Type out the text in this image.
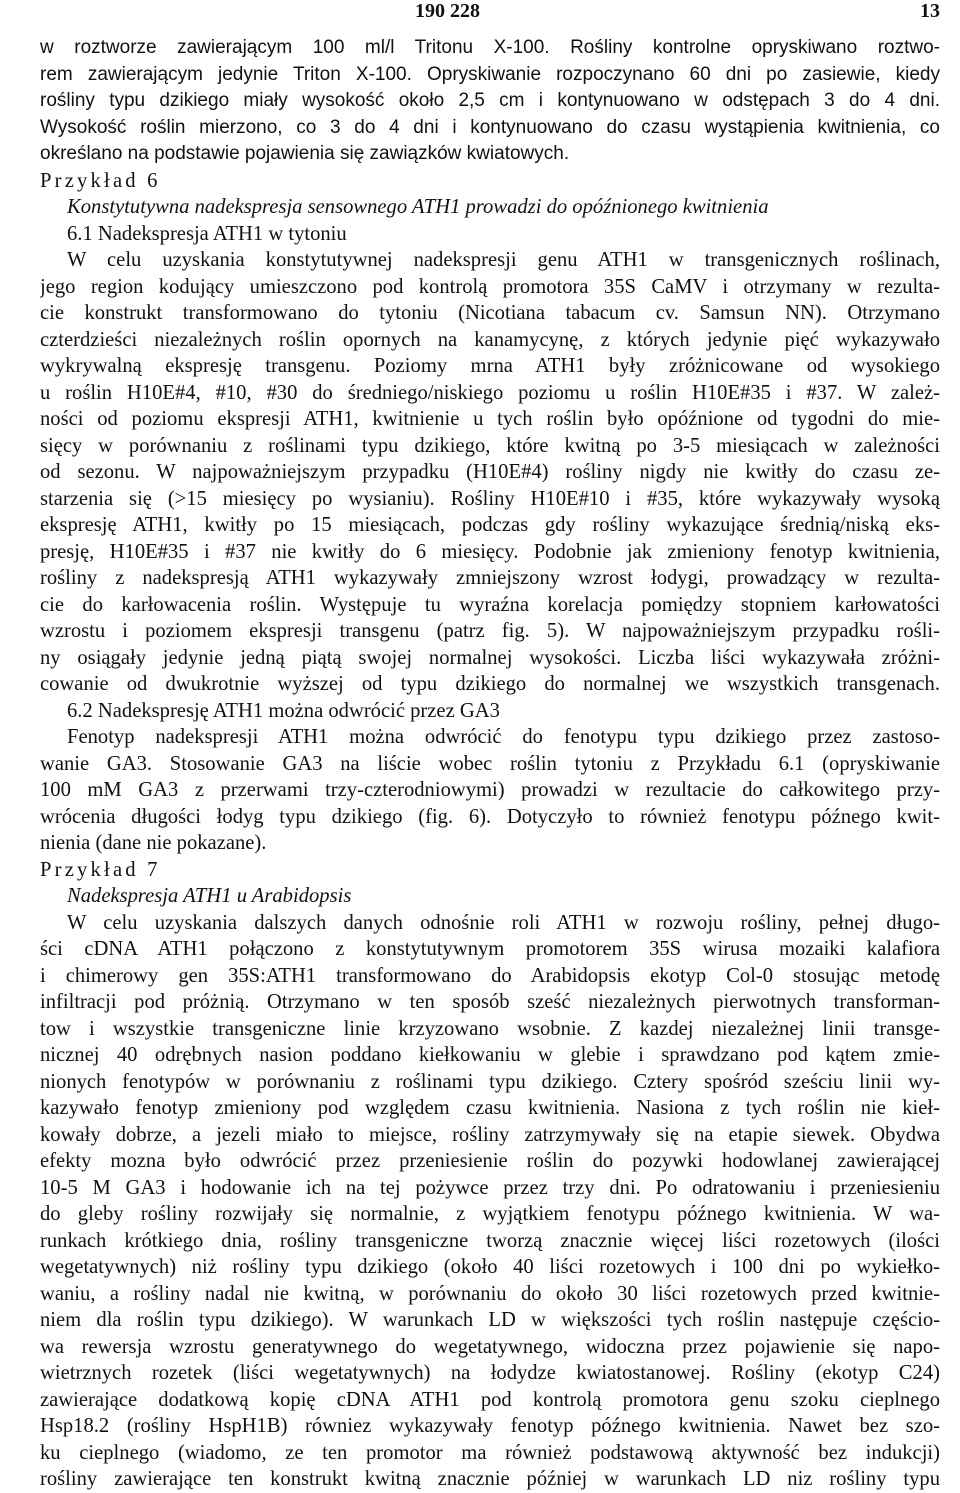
190 228	13
w roztworze zawierającym 100 ml/l Tritonu X-100. Rośliny kontrolne opryskiwano roztwo-
rem zawierającym jedynie Triton X-100. Opryskiwanie rozpoczynano 60 dni po zasiewie, kiedy
rośliny typu dzikiego miały wysokość około 2,5 cm i kontynuowano w odstępach 3 do 4 dni.
Wysokość roślin mierzono, co 3 do 4 dni i kontynuowano do czasu wystąpienia kwitnienia, co
określano na podstawie pojawienia się zawiązków kwiatowych.
Przykład 6
Konstytutywna nadekspresja sensownego ATH1 prowadzi do opóźnionego kwitnienia
6.1 Nadekspresja ATH1 w tytoniu
W celu uzyskania konstytutywnej nadekspresji genu ATH1 w transgenicznych roślinach,
jego region kodujący umieszczono pod kontrolą promotora 35S CaMV i otrzymany w rezulta-
cie konstrukt transformowano do tytoniu (Nicotiana tabacum cv. Samsun NN). Otrzymano
czterdzieści niezależnych roślin opornych na kanamycynę, z których jedynie pięć wykazywało
wykrywalną ekspresję transgenu. Poziomy mrna ATH1 były zróżnicowane od wysokiego
u roślin H10E#4, #10, #30 do średniego/niskiego poziomu u roślin H10E#35 i #37. W zależ-
ności od poziomu ekspresji ATH1, kwitnienie u tych roślin było opóźnione od tygodni do mie-
sięcy w porównaniu z roślinami typu dzikiego, które kwitną po 3-5 miesiącach w zależności
od sezonu. W najpoważniejszym przypadku (H10E#4) rośliny nigdy nie kwitły do czasu ze-
starzenia się (>15 miesięcy po wysianiu). Rośliny H10E#10 i #35, które wykazywały wysoką
ekspresję ATH1, kwitły po 15 miesiącach, podczas gdy rośliny wykazujące średnią/niską eks-
presję, H10E#35 i #37 nie kwitły do 6 miesięcy. Podobnie jak zmieniony fenotyp kwitnienia,
rośliny z nadekspresją ATH1 wykazywały zmniejszony wzrost łodygi, prowadzący w rezulta-
cie do karłowacenia roślin. Występuje tu wyraźna korelacja pomiędzy stopniem karłowatości
wzrostu i poziomem ekspresji transgenu (patrz fig. 5). W najpoważniejszym przypadku rośli-
ny osiągały jedynie jedną piątą swojej normalnej wysokości. Liczba liści wykazywała zróżni-
cowanie od dwukrotnie wyższej od typu dzikiego do normalnej we wszystkich transgenach.
6.2 Nadekspresję ATH1 można odwrócić przez GA3
Fenotyp nadekspresji ATH1 można odwrócić do fenotypu typu dzikiego przez zastoso-
wanie GA3. Stosowanie GA3 na liście wobec roślin tytoniu z Przykładu 6.1 (opryskiwanie
100 mM GA3 z przerwami trzy-czterodniowymi) prowadzi w rezultacie do całkowitego przy-
wrócenia długości łodyg typu dzikiego (fig. 6). Dotyczyło to również fenotypu późnego kwit-
nienia (dane nie pokazane).
Przykład 7
Nadekspresja ATH1 u Arabidopsis
W celu uzyskania dalszych danych odnośnie roli ATH1 w rozwoju rośliny, pełnej długo-
ści cDNA ATH1 połączono z konstytutywnym promotorem 35S wirusa mozaiki kalafiora
i chimerowy gen 35S:ATH1 transformowano do Arabidopsis ekotyp Col-0 stosując metodę
infiltracji pod próżnią. Otrzymano w ten sposób sześć niezależnych pierwotnych transforman-
tow i wszystkie transgeniczne linie krzyzowano wsobnie. Z kazdej niezależnej linii transge-
nicznej 40 odrębnych nasion poddano kiełkowaniu w glebie i sprawdzano pod kątem zmie-
nionych fenotypów w porównaniu z roślinami typu dzikiego. Cztery spośród sześciu linii wy-
kazywało fenotyp zmieniony pod względem czasu kwitnienia. Nasiona z tych roślin nie kieł-
kowały dobrze, a jezeli miało to miejsce, rośliny zatrzymywały się na etapie siewek. Obydwa
efekty mozna było odwrócić przez przeniesienie roślin do pozywki hodowlanej zawierającej
10-5 M GA3 i hodowanie ich na tej pożywce przez trzy dni. Po odratowaniu i przeniesieniu
do gleby rośliny rozwijały się normalnie, z wyjątkiem fenotypu późnego kwitnienia. W wa-
runkach krótkiego dnia, rośliny transgeniczne tworzą znacznie więcej liści rozetowych (ilości
wegetatywnych) niż rośliny typu dzikiego (około 40 liści rozetowych i 100 dni po wykiełko-
waniu, a rośliny nadal nie kwitną, w porównaniu do około 30 liści rozetowych przed kwitnie-
niem dla roślin typu dzikiego). W warunkach LD w większości tych roślin następuje częścio-
wa rewersja wzrostu generatywnego do wegetatywnego, widoczna przez pojawienie się napo-
wietrznych rozetek (liści wegetatywnych) na łodydze kwiatostanowej. Rośliny (ekotyp C24)
zawierające dodatkową kopię cDNA ATH1 pod kontrolą promotora genu szoku cieplnego
Hsp18.2 (rośliny HspH1B) równiez wykazywały fenotyp późnego kwitnienia. Nawet bez szo-
ku cieplnego (wiadomo, ze ten promotor ma również podstawową aktywność bez indukcji)
rośliny zawierające ten konstrukt kwitną znacznie później w warunkach LD niz rośliny typu
